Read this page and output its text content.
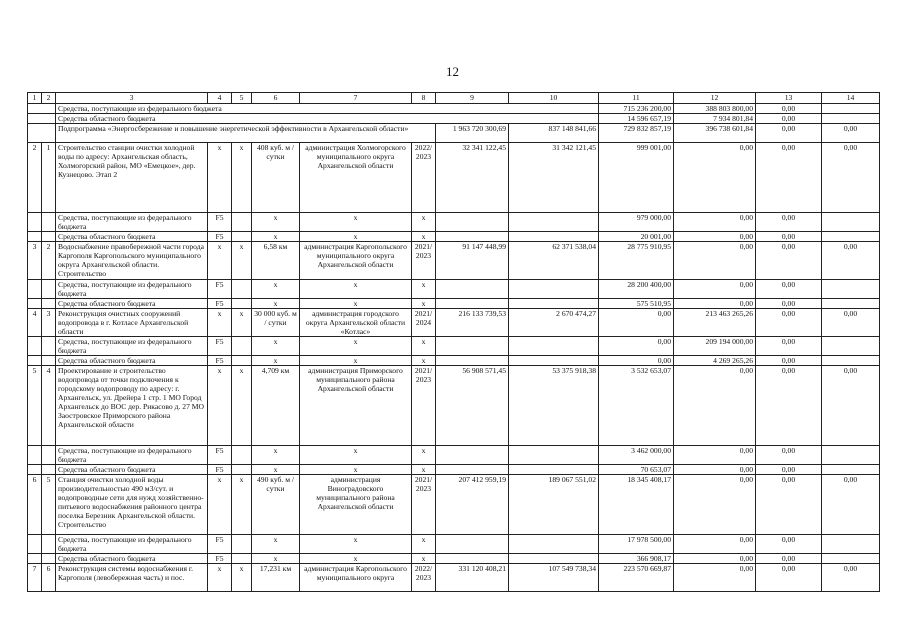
12
1	2	3	4	5	6	7	8	9	10	11	12	13	14
		Средства, поступающие из федерального бюджета								715 236 200,00	388 803 800,00	0,00	
		Средства областного бюджета								14 596 657,19	7 934 801,84	0,00	
		Подпрограмма «Энергосбережение и повышение энергетической эффективности в Архангельской области»						1 963 720 300,69	837 148 841,66	729 832 857,19	396 738 601,84	0,00	0,00
2	1	Строительство станции очистки холодной воды по адресу: Архангельская область, Холмогорский район, МО «Емецкое», дер. Кузнецово. Этап 2	x	x	408 куб. м / сутки	администрация Холмогорского муниципального округа Архангельской области	2022/ 2023	32 341 122,45	31 342 121,45	999 001,00	0,00	0,00	0,00
		Средства, поступающие из федерального бюджета	F5		x	x	x			979 000,00	0,00	0,00	
		Средства областного бюджета	F5		x	x	x			20 001,00	0,00	0,00	
3	2	Водоснабжение правобережной части города Каргополя Каргопольского муниципального округа Архангельской области. Строительство	x	x	6,58 км	администрация Каргопольского муниципального округа Архангельской области	2021/ 2023	91 147 448,99	62 371 538,04	28 775 910,95	0,00	0,00	0,00
		Средства, поступающие из федерального бюджета	F5		x	x	x			28 200 400,00	0,00	0,00	
		Средства областного бюджета	F5		x	x	x			575 510,95	0,00	0,00	
4	3	Реконструкция очистных сооружений водопровода в г. Котласе Архангельской области	x	x	30 000 куб. м / сутки	администрация городского округа Архангельской области «Котлас»	2021/ 2024	216 133 739,53	2 670 474,27	0,00	213 463 265,26	0,00	0,00
		Средства, поступающие из федерального бюджета	F5		x	x	x			0,00	209 194 000,00	0,00	
		Средства областного бюджета	F5		x	x	x			0,00	4 269 265,26	0,00	
5	4	Проектирование и строительство водопровода от точки подключения к городскому водопроводу по адресу: г. Архангельск, ул. Дрейера 1 стр. 1 МО Город Архангельск до ВОС дер. Рикасово д. 27 МО Заостровское Приморского района Архангельской области	x	x	4,709 км	администрация Приморского муниципального района Архангельской области	2021/ 2023	56 908 571,45	53 375 918,38	3 532 653,07	0,00	0,00	0,00
		Средства, поступающие из федерального бюджета	F5		x	x	x			3 462 000,00	0,00	0,00	
		Средства областного бюджета	F5		x	x	x			70 653,07	0,00	0,00	
6	5	Станция очистки холодной воды производительностью 490 м3/сут. и водопроводные сети для нужд хозяйственно-питьевого водоснабжения районного центра поселка Березник Архангельской области. Строительство	x	x	490 куб. м / сутки	администрация Виноградовского муниципального района Архангельской области	2021/ 2023	207 412 959,19	189 067 551,02	18 345 408,17	0,00	0,00	0,00
		Средства, поступающие из федерального бюджета	F5		x	x	x			17 978 500,00	0,00	0,00	
		Средства областного бюджета	F5		x	x	x			366 908,17	0,00	0,00	
7	6	Реконструкция системы водоснабжения г. Каргополя (левобережная часть) и пос.	x	x	17,231 км	администрация Каргопольского муниципального округа	2022/ 2023	331 120 408,21	107 549 738,34	223 570 669,87	0,00	0,00	0,00
